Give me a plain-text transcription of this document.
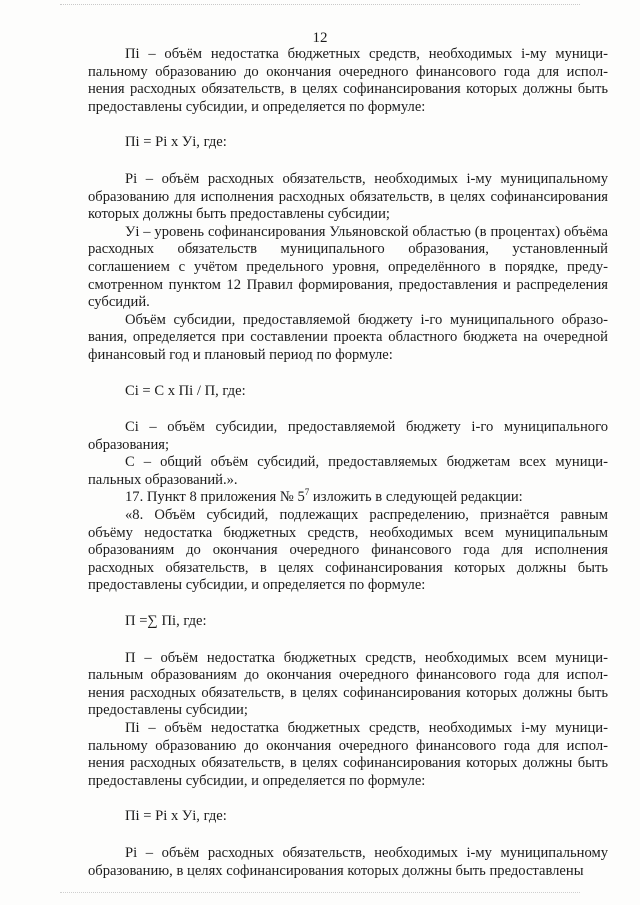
12

Пi – объём недостатка бюджетных средств, необходимых i-му муниципальному образованию до окончания очередного финансового года для исполнения расходных обязательств, в целях софинансирования которых должны быть предоставлены субсидии, и определяется по формуле:

Пi = Рi х Уi, где:

Рi – объём расходных обязательств, необходимых i-му муниципальному образованию для исполнения расходных обязательств, в целях софинансирования которых должны быть предоставлены субсидии;

Уi – уровень софинансирования Ульяновской областью (в процентах) объёма расходных обязательств муниципального образования, установленный соглашением с учётом предельного уровня, определённого в порядке, предусмотренном пунктом 12 Правил формирования, предоставления и распределения субсидий.

Объём субсидии, предоставляемой бюджету i-го муниципального образования, определяется при составлении проекта областного бюджета на очередной финансовый год и плановый период по формуле:

Сi = С х Пi / П, где:

Сi – объём субсидии, предоставляемой бюджету i-го муниципального образования;

С – общий объём субсидий, предоставляемых бюджетам всех муниципальных образований.».

17. Пункт 8 приложения № $5^7$ изложить в следующей редакции:

«8. Объём субсидий, подлежащих распределению, признаётся равным объёму недостатка бюджетных средств, необходимых всем муниципальным образованиям до окончания очередного финансового года для исполнения расходных обязательств, в целях софинансирования которых должны быть предоставлены субсидии, и определяется по формуле:

П =∑ Пi, где:

П – объём недостатка бюджетных средств, необходимых всем муниципальным образованиям до окончания очередного финансового года для исполнения расходных обязательств, в целях софинансирования которых должны быть предоставлены субсидии;

Пi – объём недостатка бюджетных средств, необходимых i-му муниципальному образованию до окончания очередного финансового года для исполнения расходных обязательств, в целях софинансирования которых должны быть предоставлены субсидии, и определяется по формуле:

Пi = Рi х Уi, где:

Рi – объём расходных обязательств, необходимых i-му муниципальному образованию, в целях софинансирования которых должны быть предоставлены
